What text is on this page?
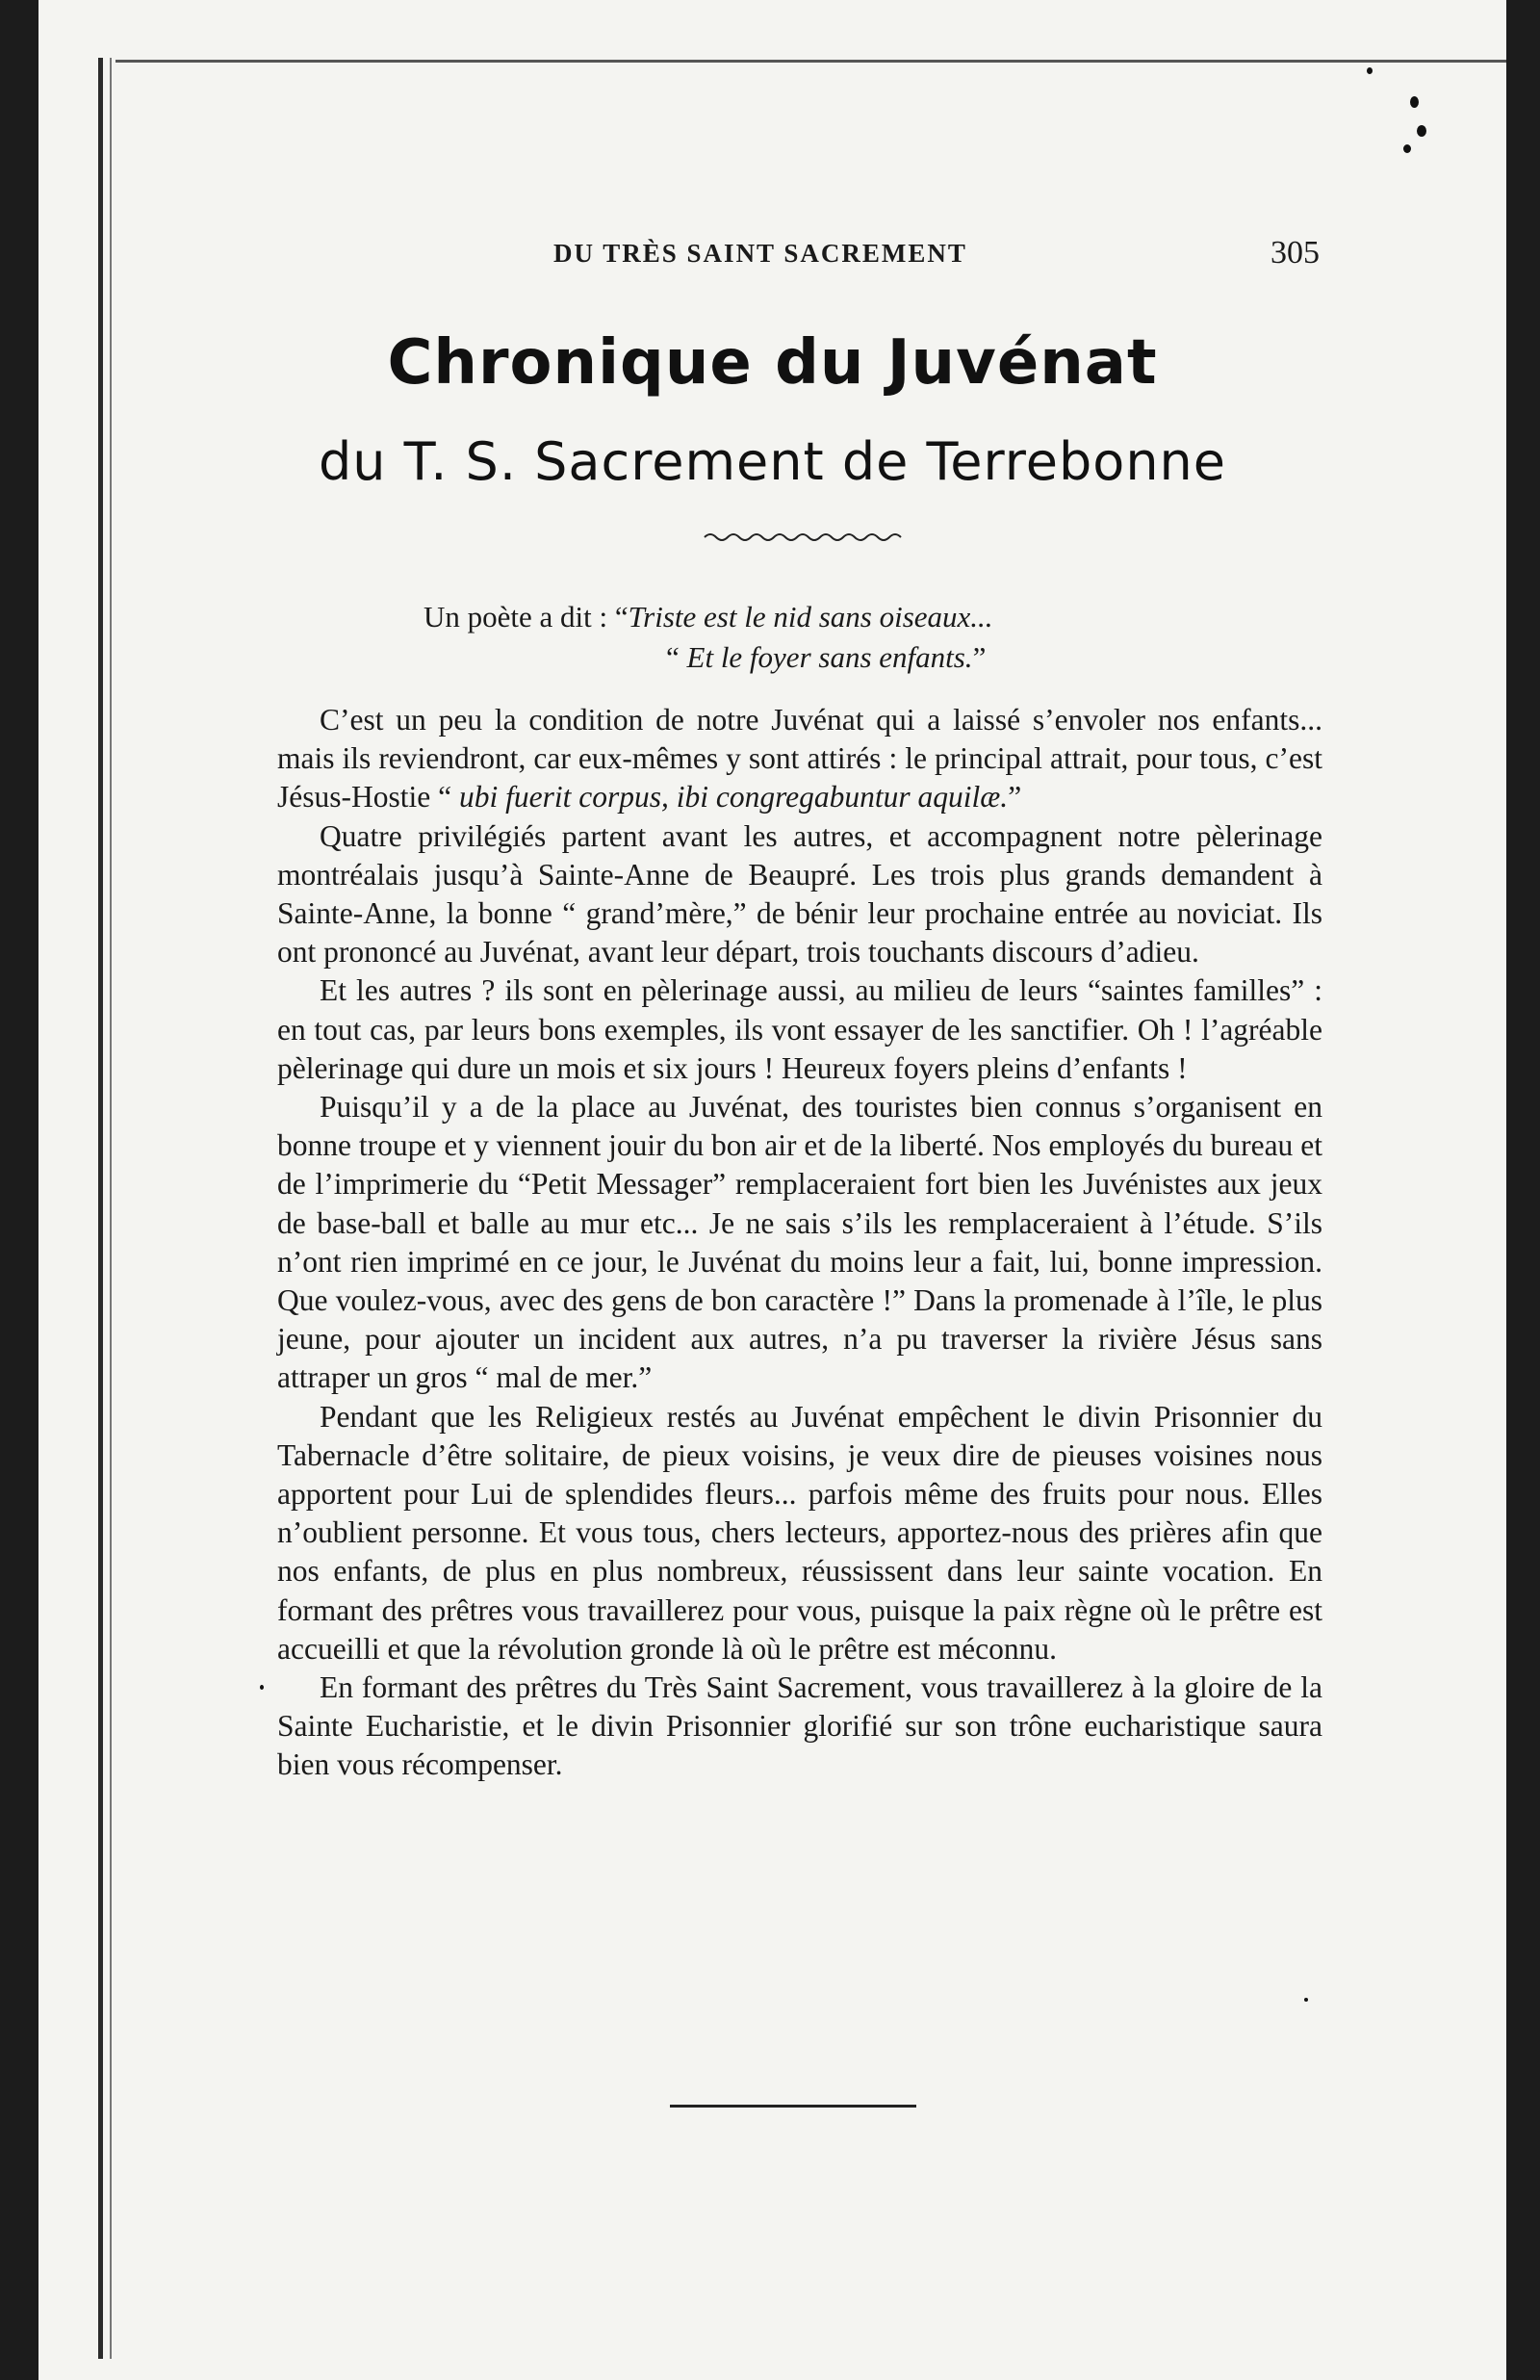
DU TRÈS SAINT SACREMENT	305
Chronique du Juvénat
du T. S. Sacrement de Terrebonne
Un poète a dit : “Triste est le nid sans oiseaux...
“ Et le foyer sans enfants.”

C’est un peu la condition de notre Juvénat qui a laissé s’envoler nos enfants... mais ils reviendront, car eux-mêmes y sont attirés : le principal attrait, pour tous, c’est Jésus-Hostie “ ubi fuerit corpus, ibi congregabuntur aquilæ.”

Quatre privilégiés partent avant les autres, et accompagnent notre pèlerinage montréalais jusqu’à Sainte-Anne de Beaupré. Les trois plus grands demandent à Sainte-Anne, la bonne “ grand’mère,” de bénir leur prochaine entrée au noviciat. Ils ont prononcé au Juvénat, avant leur départ, trois touchants discours d’adieu.

Et les autres ? ils sont en pèlerinage aussi, au milieu de leurs “saintes familles” : en tout cas, par leurs bons exemples, ils vont essayer de les sanctifier. Oh ! l’agréable pèlerinage qui dure un mois et six jours ! Heureux foyers pleins d’enfants !

Puisqu’il y a de la place au Juvénat, des touristes bien connus s’organisent en bonne troupe et y viennent jouir du bon air et de la liberté. Nos employés du bureau et de l’imprimerie du “Petit Messager” remplaceraient fort bien les Juvénistes aux jeux de base-ball et balle au mur etc... Je ne sais s’ils les remplaceraient à l’étude. S’ils n’ont rien imprimé en ce jour, le Juvénat du moins leur a fait, lui, bonne impression. Que voulez-vous, avec des gens de bon caractère !” Dans la promenade à l’île, le plus jeune, pour ajouter un incident aux autres, n’a pu traverser la rivière Jésus sans attraper un gros “ mal de mer.”

Pendant que les Religieux restés au Juvénat empêchent le divin Prisonnier du Tabernacle d’être solitaire, de pieux voisins, je veux dire de pieuses voisines nous apportent pour Lui de splendides fleurs... parfois même des fruits pour nous. Elles n’oublient personne. Et vous tous, chers lecteurs, apportez-nous des prières afin que nos enfants, de plus en plus nombreux, réussissent dans leur sainte vocation. En formant des prêtres vous travaillerez pour vous, puisque la paix règne où le prêtre est accueilli et que la révolution gronde là où le prêtre est méconnu.

En formant des prêtres du Très Saint Sacrement, vous travaillerez à la gloire de la Sainte Eucharistie, et le divin Prisonnier glorifié sur son trône eucharistique saura bien vous récompenser.
